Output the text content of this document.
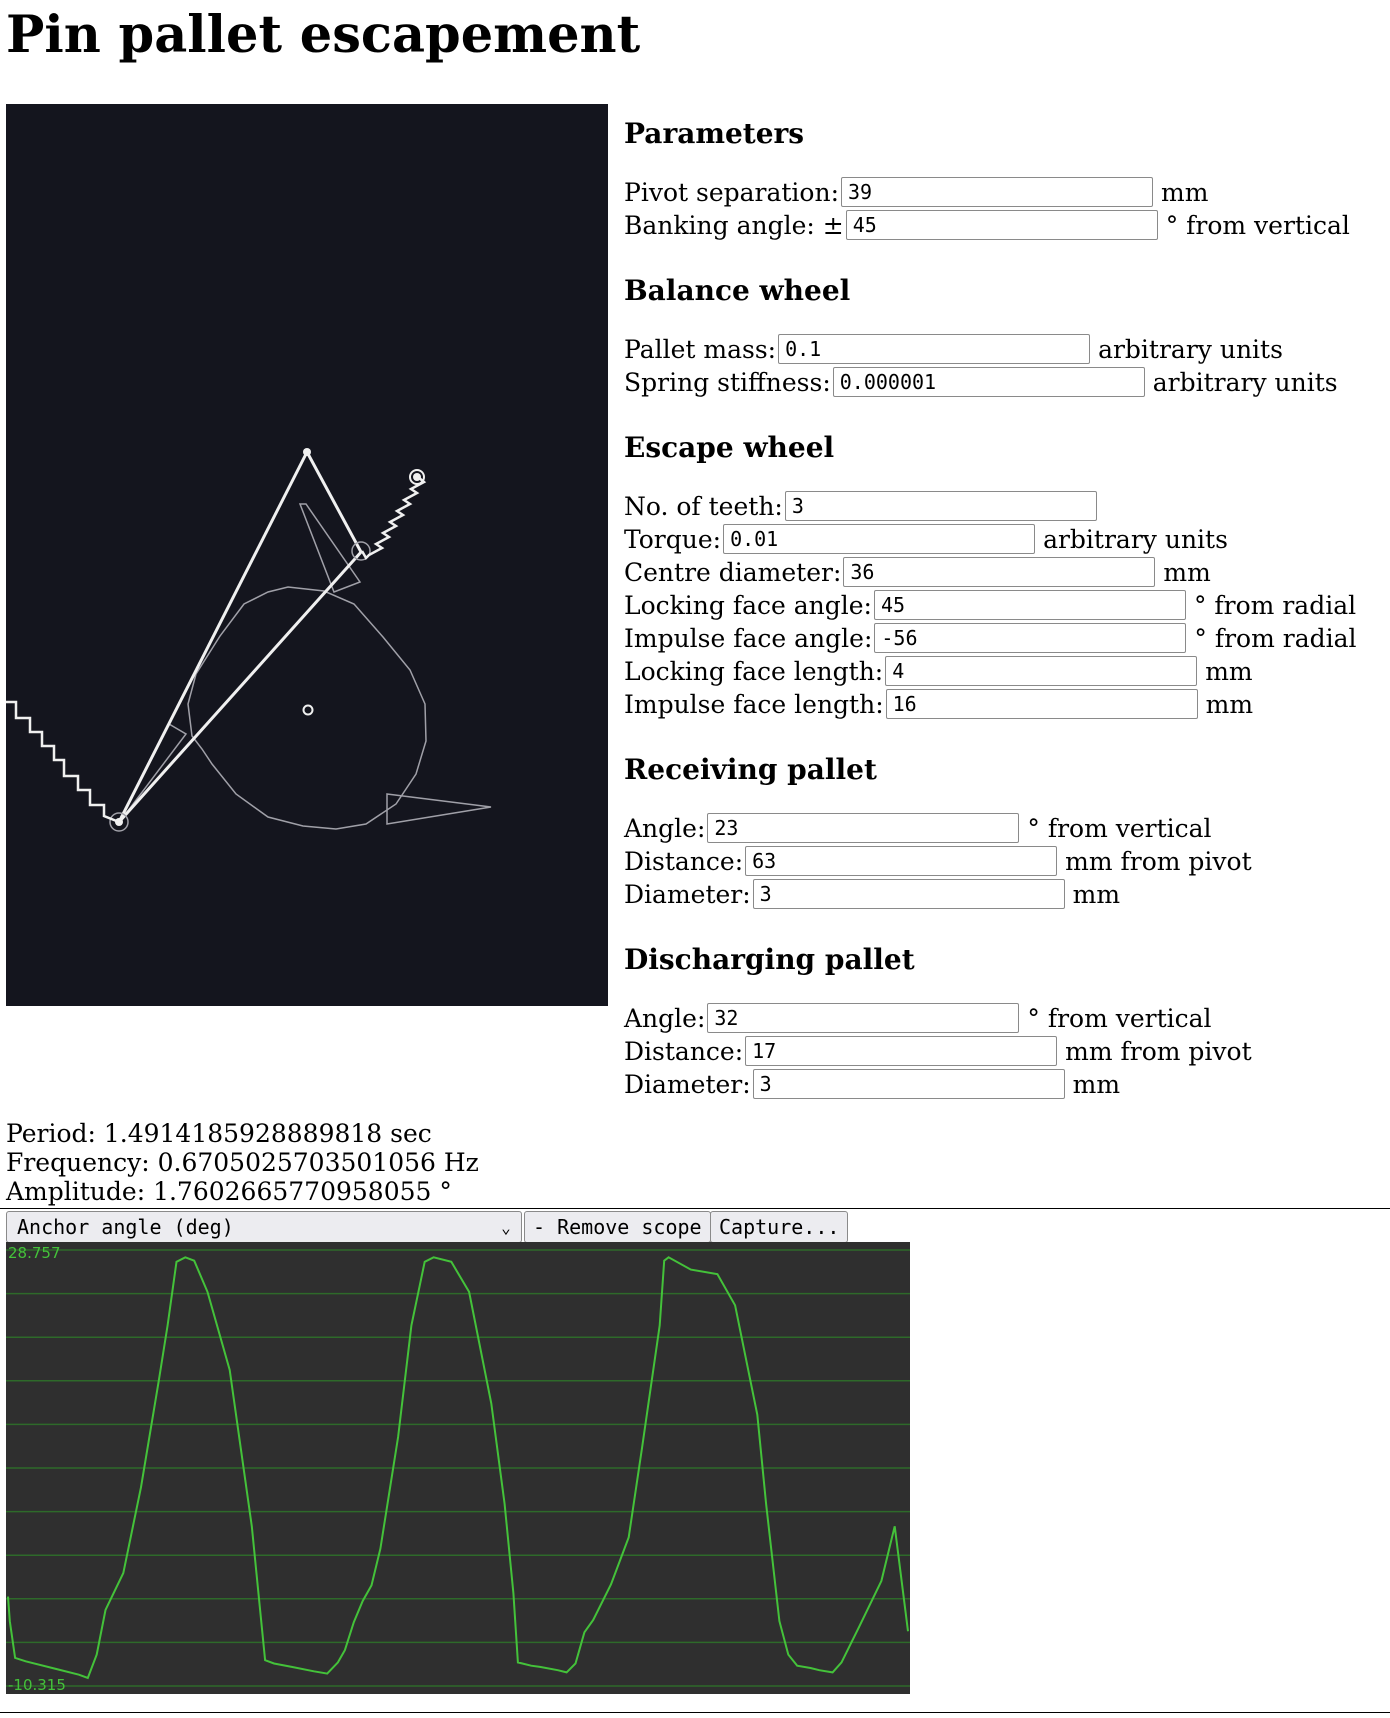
Pin pallet escapement
Parameters
Pivot separation:
39	mm
Banking angle: ±
45	° from vertical
Balance wheel
Pallet mass:
0.1	arbitrary units
Spring stiffness:
0.000001	arbitrary units
Escape wheel
No. of teeth:
3
Torque:
0.01	arbitrary units
Centre diameter:
36	mm
Locking face angle:
45	° from radial
Impulse face angle:
-56	° from radial
Locking face length:
4	mm
Impulse face length:
16	mm
Receiving pallet
Angle:
23	° from vertical
Distance:
63	mm from pivot
Diameter:
3	mm
Discharging pallet
Angle:
32	° from vertical
Distance:
17	mm from pivot
Diameter:
3	mm
Period: 1.4914185928889818 sec
Frequency: 0.6705025703501056 Hz
Amplitude: 1.7602665770958055 °
Anchor angle (deg)	⌄	- Remove scope Capture...
28.757
-10.315
